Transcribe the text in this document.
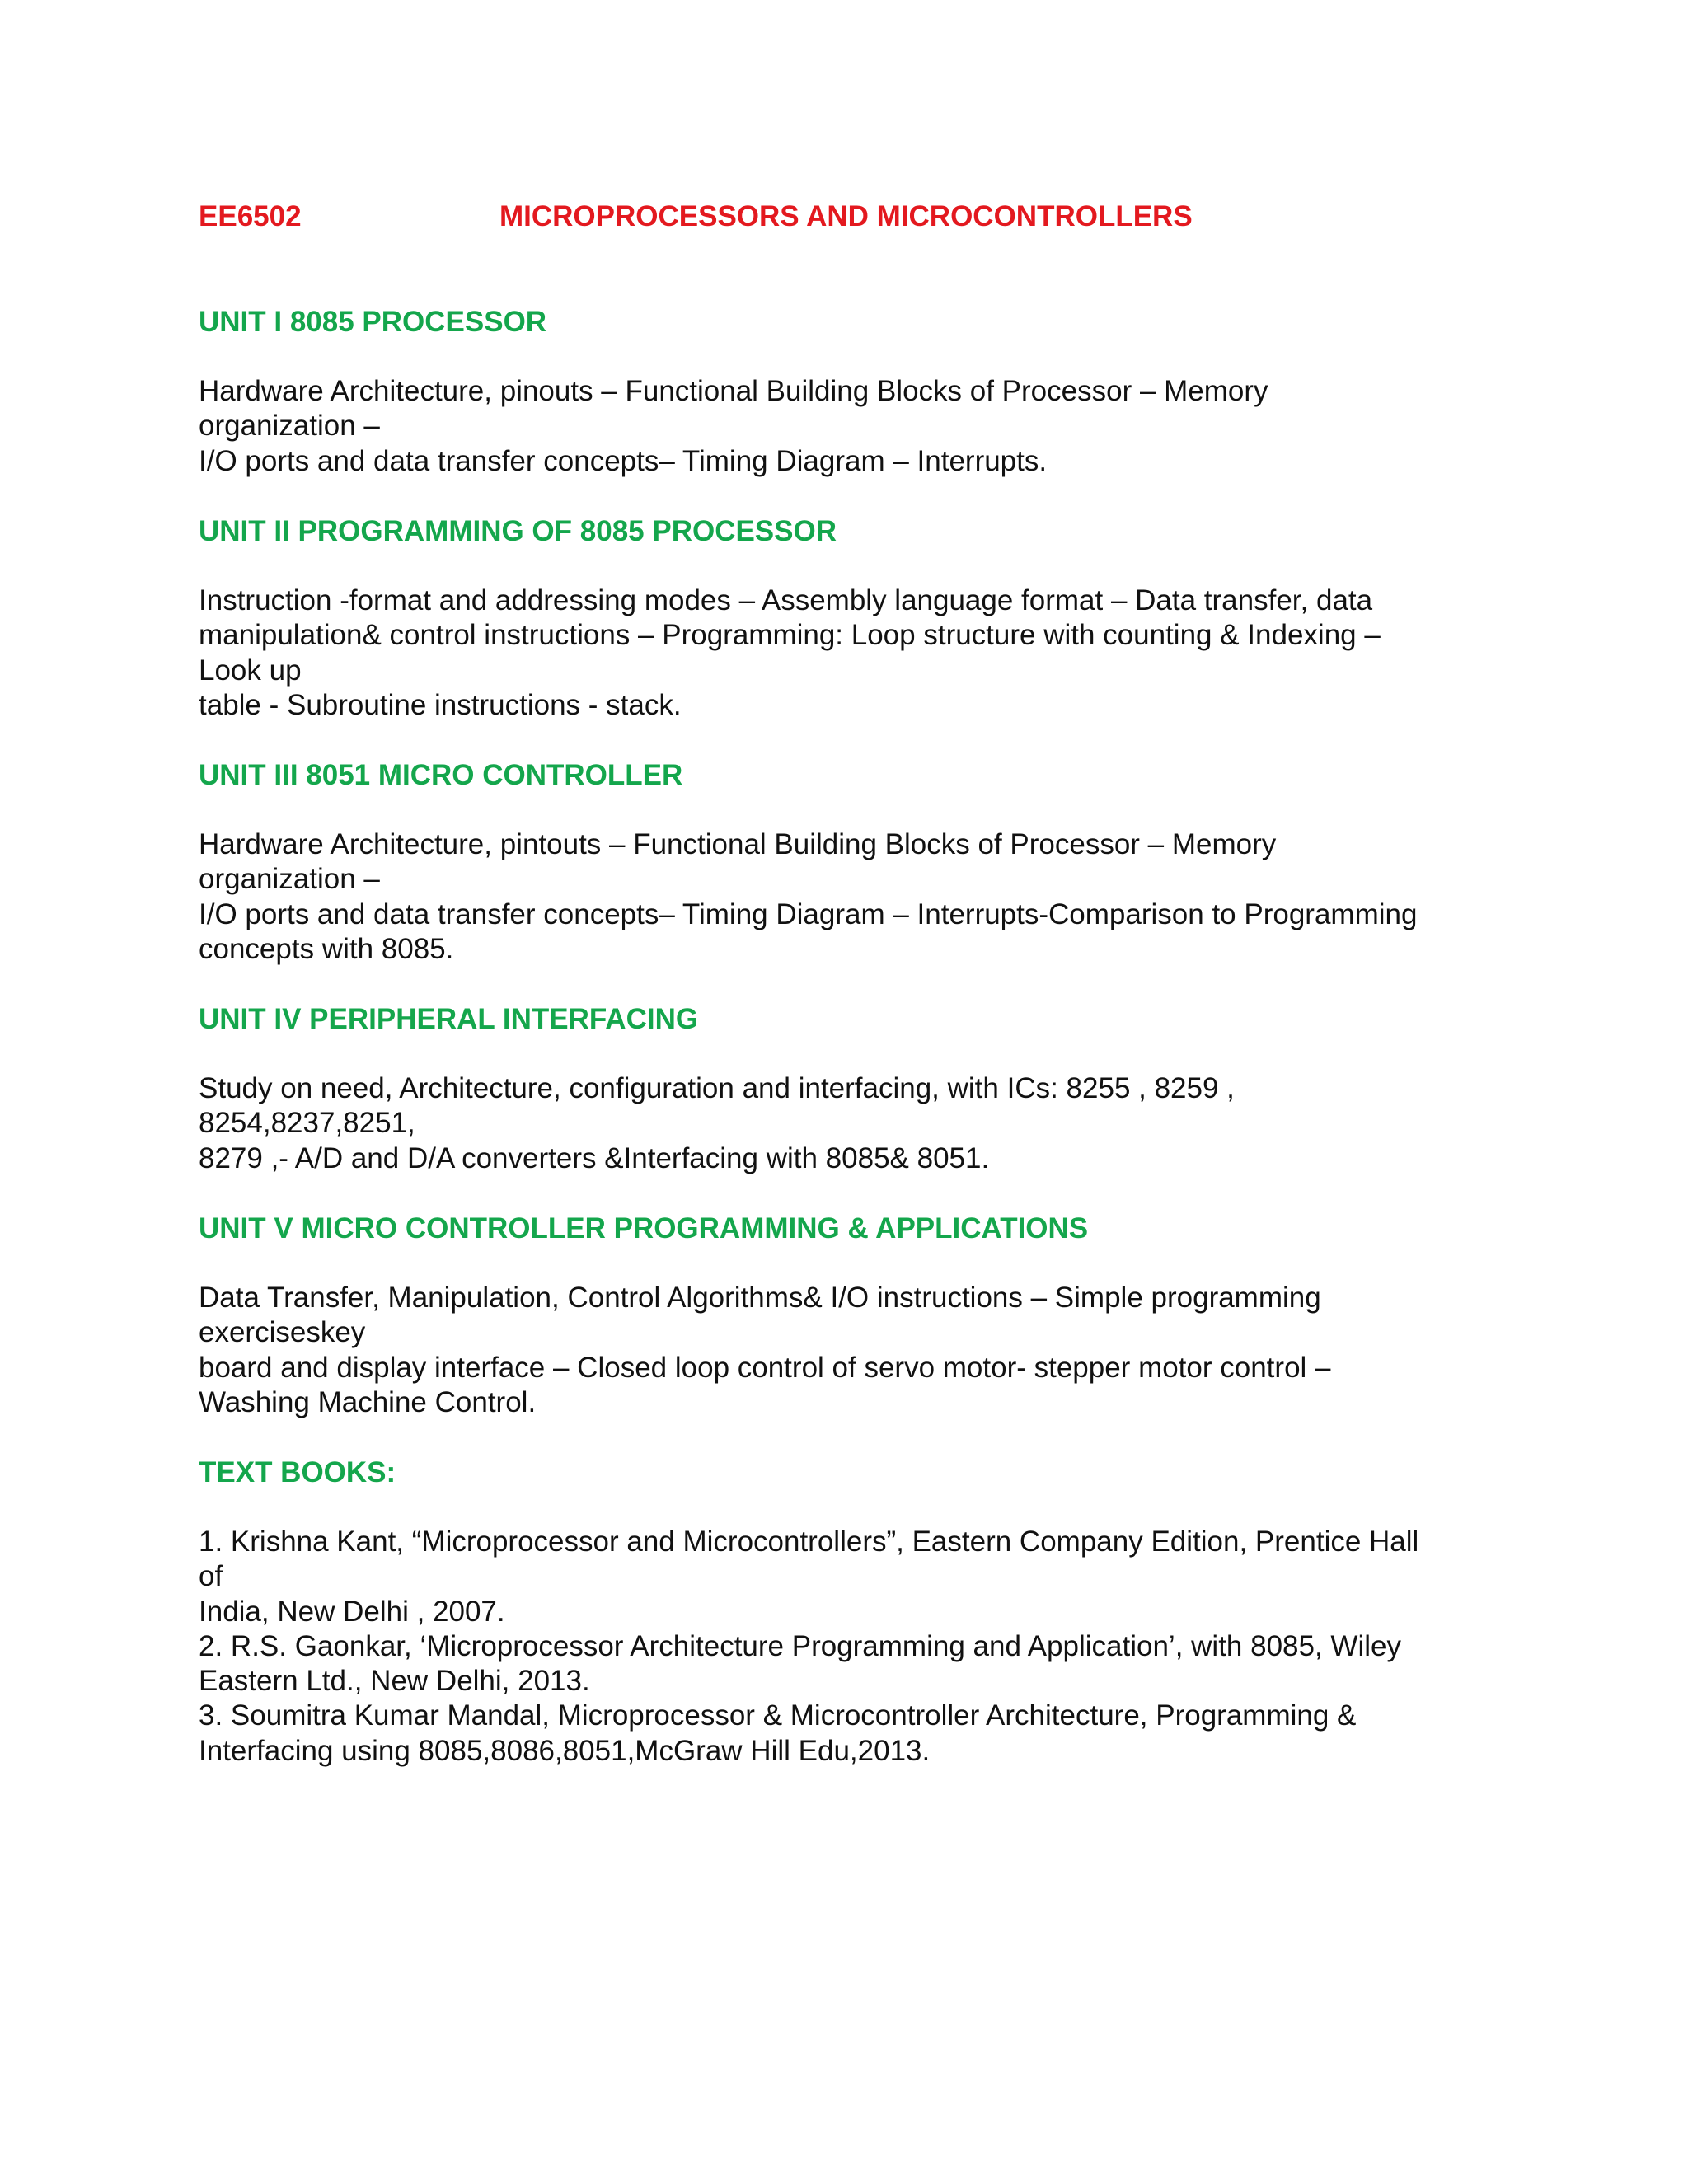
EE6502	MICROPROCESSORS AND MICROCONTROLLERS
UNIT I 8085 PROCESSOR
Hardware Architecture, pinouts – Functional Building Blocks of Processor – Memory
organization –
I/O ports and data transfer concepts– Timing Diagram – Interrupts.
UNIT II PROGRAMMING OF 8085 PROCESSOR
Instruction -format and addressing modes – Assembly language format – Data transfer, data
manipulation& control instructions – Programming: Loop structure with counting & Indexing –
Look up
table - Subroutine instructions - stack.
UNIT III 8051 MICRO CONTROLLER
Hardware Architecture, pintouts – Functional Building Blocks of Processor – Memory
organization –
I/O ports and data transfer concepts– Timing Diagram – Interrupts-Comparison to Programming
concepts with 8085.
UNIT IV PERIPHERAL INTERFACING
Study on need, Architecture, configuration and interfacing, with ICs: 8255 , 8259 ,
8254,8237,8251,
8279 ,- A/D and D/A converters &Interfacing with 8085& 8051.
UNIT V MICRO CONTROLLER PROGRAMMING & APPLICATIONS
Data Transfer, Manipulation, Control Algorithms& I/O instructions – Simple programming
exerciseskey
board and display interface – Closed loop control of servo motor- stepper motor control –
Washing Machine Control.
TEXT BOOKS:
1. Krishna Kant, “Microprocessor and Microcontrollers”, Eastern Company Edition, Prentice Hall
of
India, New Delhi , 2007.
2. R.S. Gaonkar, ‘Microprocessor Architecture Programming and Application’, with 8085, Wiley
Eastern Ltd., New Delhi, 2013.
3. Soumitra Kumar Mandal, Microprocessor & Microcontroller Architecture, Programming &
Interfacing using 8085,8086,8051,McGraw Hill Edu,2013.
